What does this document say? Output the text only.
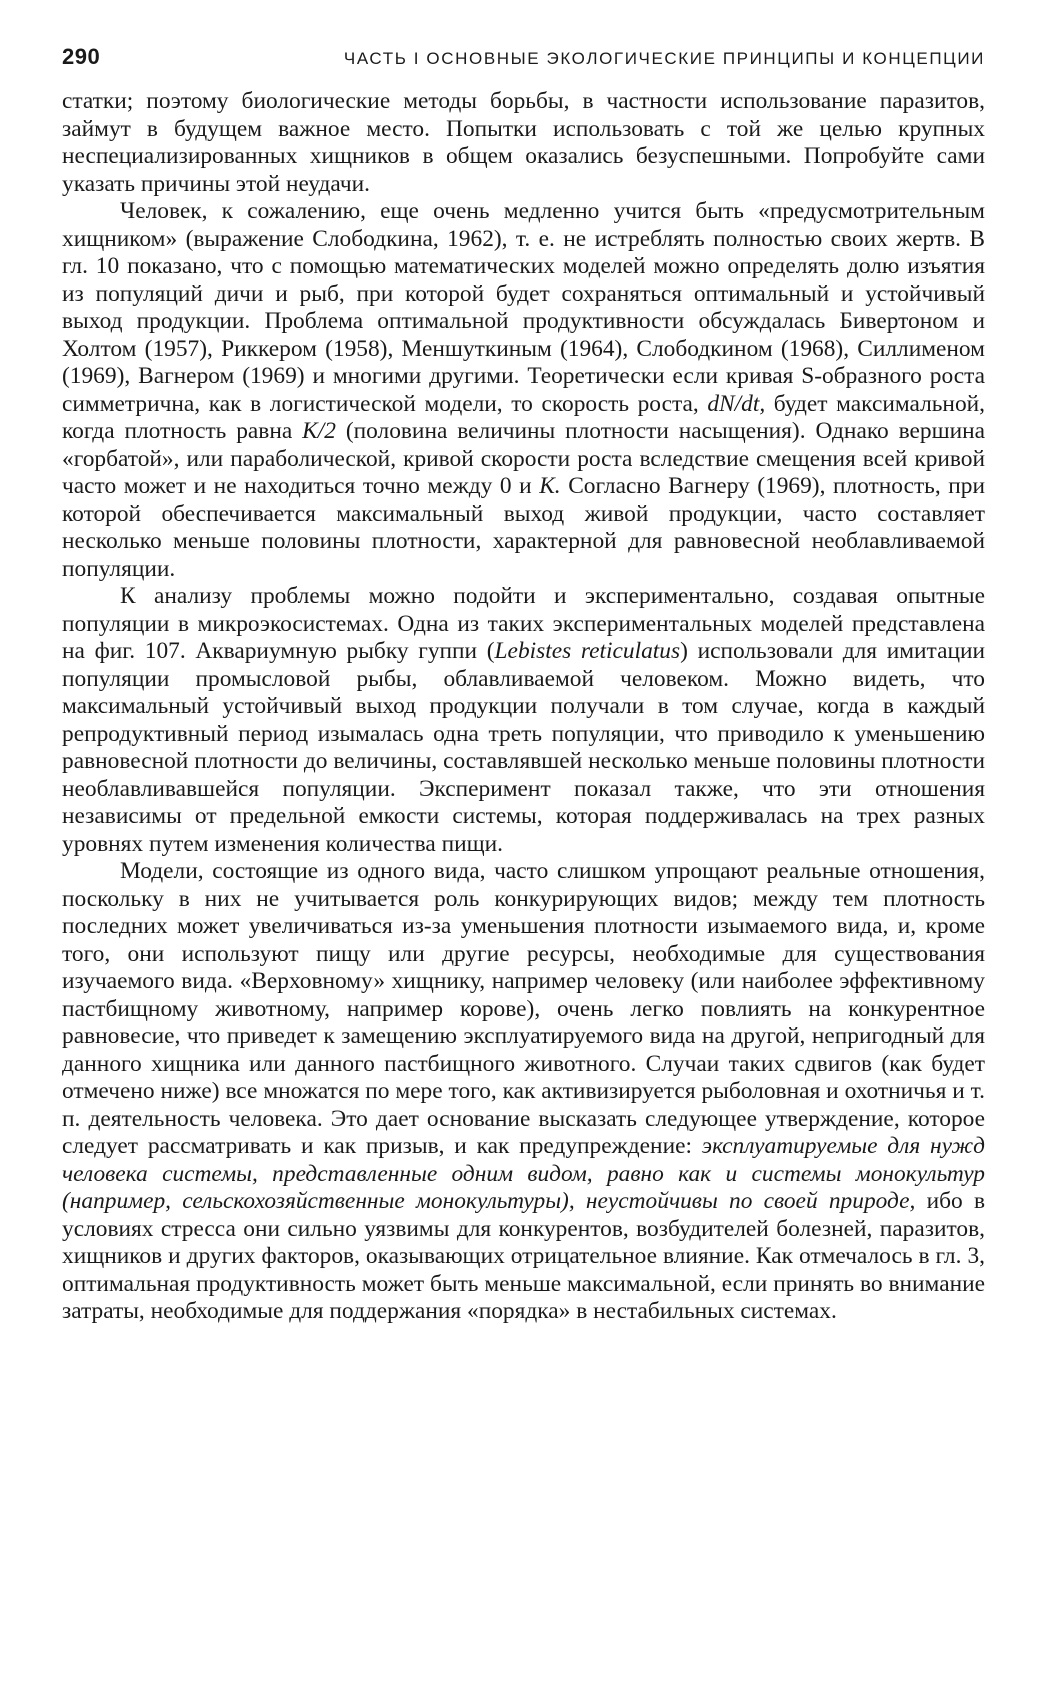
290	ЧАСТЬ I ОСНОВНЫЕ ЭКОЛОГИЧЕСКИЕ ПРИНЦИПЫ И КОНЦЕПЦИИ

статки; поэтому биологические методы борьбы, в частности использование паразитов, займут в будущем важное место. Попытки использовать с той же целью крупных неспециализированных хищников в общем оказались безуспешными. Попробуйте сами указать причины этой неудачи.

Человек, к сожалению, еще очень медленно учится быть «предусмотрительным хищником» (выражение Слободкина, 1962), т. е. не истреблять полностью своих жертв. В гл. 10 показано, что с помощью математических моделей можно определять долю изъятия из популяций дичи и рыб, при которой будет сохраняться оптимальный и устойчивый выход продукции. Проблема оптимальной продуктивности обсуждалась Бивертоном и Холтом (1957), Риккером (1958), Меншуткиным (1964), Слободкином (1968), Силлименом (1969), Вагнером (1969) и многими другими. Теоретически если кривая S-образного роста симметрична, как в логистической модели, то скорость роста, dN/dt, будет максимальной, когда плотность равна K/2 (половина величины плотности насыщения). Однако вершина «горбатой», или параболической, кривой скорости роста вследствие смещения всей кривой часто может и не находиться точно между 0 и K. Согласно Вагнеру (1969), плотность, при которой обеспечивается максимальный выход живой продукции, часто составляет несколько меньше половины плотности, характерной для равновесной необлавливаемой популяции.

К анализу проблемы можно подойти и экспериментально, создавая опытные популяции в микроэкосистемах. Одна из таких экспериментальных моделей представлена на фиг. 107. Аквариумную рыбку гуппи (Lebistes reticulatus) использовали для имитации популяции промысловой рыбы, облавливаемой человеком. Можно видеть, что максимальный устойчивый выход продукции получали в том случае, когда в каждый репродуктивный период изымалась одна треть популяции, что приводило к уменьшению равновесной плотности до величины, составлявшей несколько меньше половины плотности необлавливавшейся популяции. Эксперимент показал также, что эти отношения независимы от предельной емкости системы, которая поддерживалась на трех разных уровнях путем изменения количества пищи.

Модели, состоящие из одного вида, часто слишком упрощают реальные отношения, поскольку в них не учитывается роль конкурирующих видов; между тем плотность последних может увеличиваться из-за уменьшения плотности изымаемого вида, и, кроме того, они используют пищу или другие ресурсы, необходимые для существования изучаемого вида. «Верховному» хищнику, например человеку (или наиболее эффективному пастбищному животному, например корове), очень легко повлиять на конкурентное равновесие, что приведет к замещению эксплуатируемого вида на другой, непригодный для данного хищника или данного пастбищного животного. Случаи таких сдвигов (как будет отмечено ниже) все множатся по мере того, как активизируется рыболовная и охотничья и т. п. деятельность человека. Это дает основание высказать следующее утверждение, которое следует рассматривать и как призыв, и как предупреждение: эксплуатируемые для нужд человека системы, представленные одним видом, равно как и системы монокультур (например, сельскохозяйственные монокультуры), неустойчивы по своей природе, ибо в условиях стресса они сильно уязвимы для конкурентов, возбудителей болезней, паразитов, хищников и других факторов, оказывающих отрицательное влияние. Как отмечалось в гл. 3, оптимальная продуктивность может быть меньше максимальной, если принять во внимание затраты, необходимые для поддержания «порядка» в нестабильных системах.
